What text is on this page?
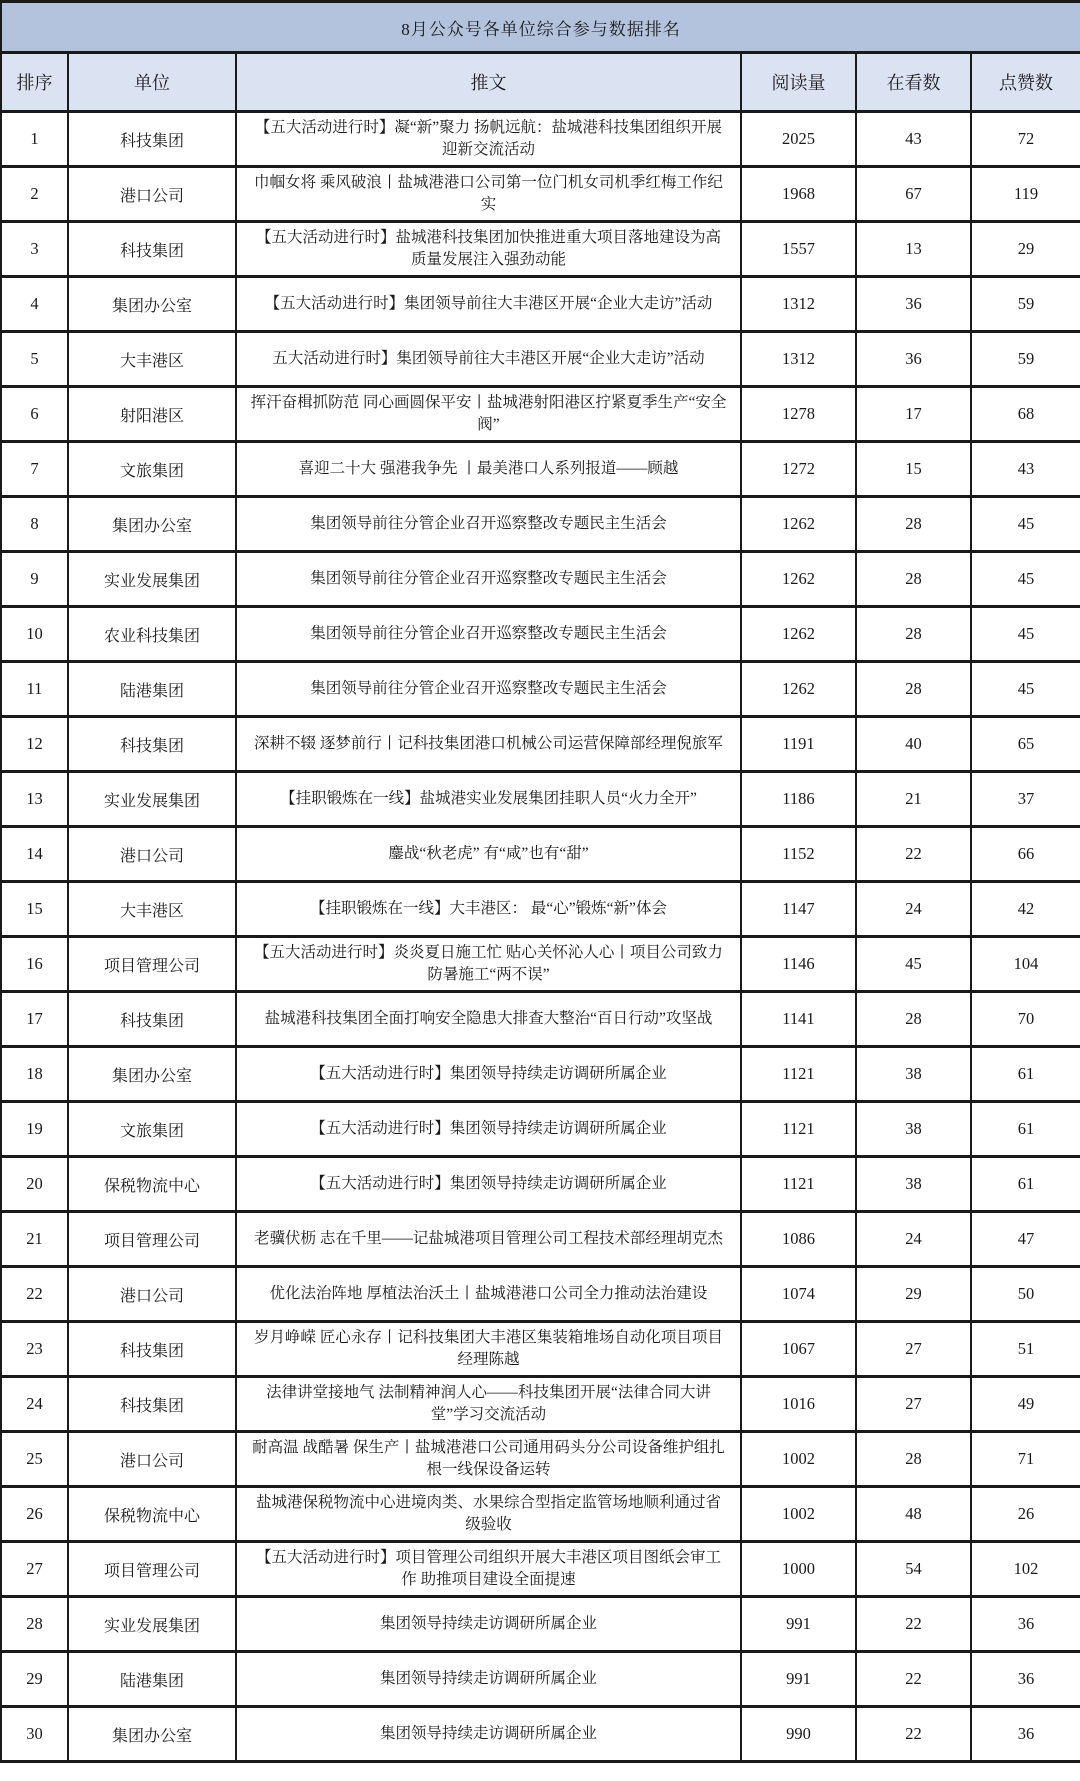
8月公众号各单位综合参与数据排名					
排序	单位	推文	阅读量	在看数	点赞数
1	科技集团	【五大活动进行时】凝“新”聚力 扬帆远航：盐城港科技集团组织开展迎新交流活动	2025	43	72
2	港口公司	巾帼女将 乘风破浪丨盐城港港口公司第一位门机女司机季红梅工作纪实	1968	67	119
3	科技集团	【五大活动进行时】盐城港科技集团加快推进重大项目落地建设为高质量发展注入强劲动能	1557	13	29
4	集团办公室	【五大活动进行时】集团领导前往大丰港区开展“企业大走访”活动	1312	36	59
5	大丰港区	五大活动进行时】集团领导前往大丰港区开展“企业大走访”活动	1312	36	59
6	射阳港区	挥汗奋楫抓防范 同心画圆保平安丨盐城港射阳港区拧紧夏季生产“安全阀”	1278	17	68
7	文旅集团	喜迎二十大 强港我争先 丨最美港口人系列报道——顾越	1272	15	43
8	集团办公室	集团领导前往分管企业召开巡察整改专题民主生活会	1262	28	45
9	实业发展集团	集团领导前往分管企业召开巡察整改专题民主生活会	1262	28	45
10	农业科技集团	集团领导前往分管企业召开巡察整改专题民主生活会	1262	28	45
11	陆港集团	集团领导前往分管企业召开巡察整改专题民主生活会	1262	28	45
12	科技集团	深耕不辍 逐梦前行丨记科技集团港口机械公司运营保障部经理倪旅军	1191	40	65
13	实业发展集团	【挂职锻炼在一线】盐城港实业发展集团挂职人员“火力全开”	1186	21	37
14	港口公司	鏖战“秋老虎” 有“咸”也有“甜”	1152	22	66
15	大丰港区	【挂职锻炼在一线】大丰港区： 最“心”锻炼“新”体会	1147	24	42
16	项目管理公司	【五大活动进行时】炎炎夏日施工忙 贴心关怀沁人心丨项目公司致力防暑施工“两不误”	1146	45	104
17	科技集团	盐城港科技集团全面打响安全隐患大排查大整治“百日行动”攻坚战	1141	28	70
18	集团办公室	【五大活动进行时】集团领导持续走访调研所属企业	1121	38	61
19	文旅集团	【五大活动进行时】集团领导持续走访调研所属企业	1121	38	61
20	保税物流中心	【五大活动进行时】集团领导持续走访调研所属企业	1121	38	61
21	项目管理公司	老骥伏枥 志在千里——记盐城港项目管理公司工程技术部经理胡克杰	1086	24	47
22	港口公司	优化法治阵地 厚植法治沃土丨盐城港港口公司全力推动法治建设	1074	29	50
23	科技集团	岁月峥嵘 匠心永存丨记科技集团大丰港区集装箱堆场自动化项目项目经理陈越	1067	27	51
24	科技集团	法律讲堂接地气 法制精神润人心——科技集团开展“法律合同大讲堂”学习交流活动	1016	27	49
25	港口公司	耐高温 战酷暑 保生产丨盐城港港口公司通用码头分公司设备维护组扎根一线保设备运转	1002	28	71
26	保税物流中心	盐城港保税物流中心进境肉类、水果综合型指定监管场地顺利通过省级验收	1002	48	26
27	项目管理公司	【五大活动进行时】项目管理公司组织开展大丰港区项目图纸会审工作 助推项目建设全面提速	1000	54	102
28	实业发展集团	集团领导持续走访调研所属企业	991	22	36
29	陆港集团	集团领导持续走访调研所属企业	991	22	36
30	集团办公室	集团领导持续走访调研所属企业	990	22	36
